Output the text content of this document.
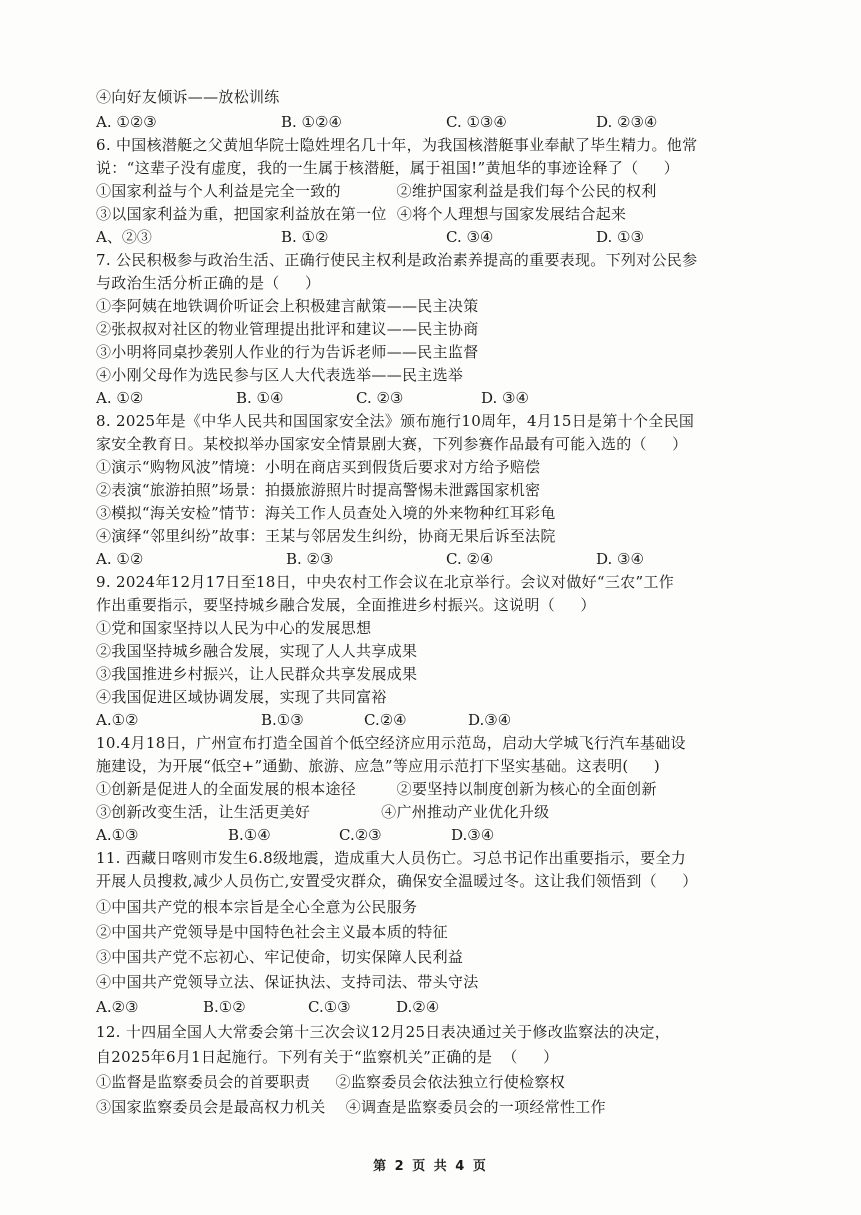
④向好友倾诉——放松训练
A. ①②③	B. ①②④	C. ①③④	D. ②③④
6. 中国核潜艇之父黄旭华院士隐姓埋名几十年，为我国核潜艇事业奉献了毕生精力。他常
说：“这辈子没有虚度，我的一生属于核潜艇，属于祖国!”黄旭华的事迹诠释了（     ）
①国家利益与个人利益是完全一致的           ②维护国家利益是我们每个公民的权利
③以国家利益为重，把国家利益放在第一位  ④将个人理想与国家发展结合起来
A、②③	B. ①②	C. ③④	D. ①③
7. 公民积极参与政治生活、正确行使民主权利是政治素养提高的重要表现。下列对公民参
与政治生活分析正确的是（     ）
①李阿姨在地铁调价听证会上积极建言献策——民主决策
②张叔叔对社区的物业管理提出批评和建议——民主协商
③小明将同桌抄袭别人作业的行为告诉老师——民主监督
④小刚父母作为选民参与区人大代表选举——民主选举
A. ①②	B. ①④	C. ②③	D. ③④
8. 2025年是《中华人民共和国国家安全法》颁布施行10周年，4月15日是第十个全民国
家安全教育日。某校拟举办国家安全情景剧大赛，下列参赛作品最有可能入选的（     ）
①演示“购物风波”情境：小明在商店买到假货后要求对方给予赔偿
②表演“旅游拍照”场景：拍摄旅游照片时提高警惕未泄露国家机密
③模拟“海关安检”情节：海关工作人员查处入境的外来物种红耳彩龟
④演绎“邻里纠纷”故事：王某与邻居发生纠纷，协商无果后诉至法院
A. ①②	B. ②③	C. ②④	D. ③④
9. 2024年12月17日至18日，中央农村工作会议在北京举行。会议对做好“三农”工作
作出重要指示，要坚持城乡融合发展，全面推进乡村振兴。这说明（     ）
①党和国家坚持以人民为中心的发展思想
②我国坚持城乡融合发展，实现了人人共享成果
③我国推进乡村振兴，让人民群众共享发展成果
④我国促进区域协调发展，实现了共同富裕
A.①②	B.①③	C.②④	D.③④
10.4月18日，广州宣布打造全国首个低空经济应用示范岛，启动大学城飞行汽车基础设
施建设，为开展“低空+”通勤、旅游、应急”等应用示范打下坚实基础。这表明(     )
①创新是促进人的全面发展的根本途径        ②要坚持以制度创新为核心的全面创新
③创新改变生活，让生活更美好              ④广州推动产业优化升级
A.①③	B.①④	C.②③	D.③④
11. 西藏日喀则市发生6.8级地震，造成重大人员伤亡。习总书记作出重要指示，要全力
开展人员搜救,减少人员伤亡,安置受灾群众，确保安全温暖过冬。这让我们领悟到（     ）
①中国共产党的根本宗旨是全心全意为公民服务
②中国共产党领导是中国特色社会主义最本质的特征
③中国共产党不忘初心、牢记使命，切实保障人民利益
④中国共产党领导立法、保证执法、支持司法、带头守法
A.②③	B.①②	C.①③	D.②④
12. 十四届全国人大常委会第十三次会议12月25日表决通过关于修改监察法的决定，
自2025年6月1日起施行。下列有关于“监察机关”正确的是  （     ）
①监督是监察委员会的首要职责     ②监察委员会依法独立行使检察权
③国家监察委员会是最高权力机关    ④调查是监察委员会的一项经常性工作
第 2 页 共 4 页
